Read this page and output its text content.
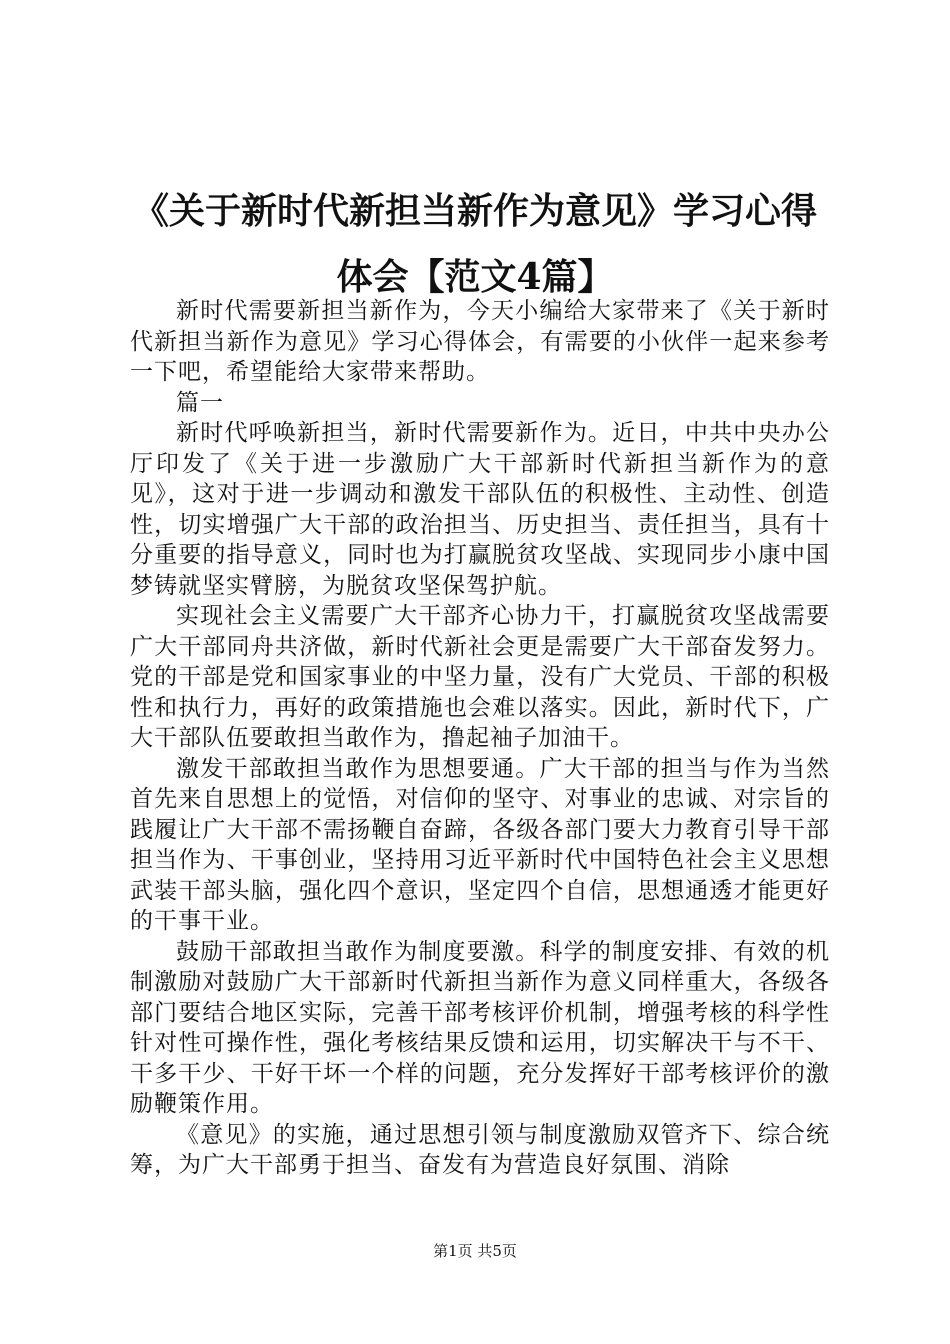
《关于新时代新担当新作为意见》学习心得体会【范文4篇】

新时代需要新担当新作为，今天小编给大家带来了《关于新时代新担当新作为意见》学习心得体会，有需要的小伙伴一起来参考一下吧，希望能给大家带来帮助。

篇一

新时代呼唤新担当，新时代需要新作为。近日，中共中央办公厅印发了《关于进一步激励广大干部新时代新担当新作为的意见》，这对于进一步调动和激发干部队伍的积极性、主动性、创造性，切实增强广大干部的政治担当、历史担当、责任担当，具有十分重要的指导意义，同时也为打赢脱贫攻坚战、实现同步小康中国梦铸就坚实臂膀，为脱贫攻坚保驾护航。

实现社会主义需要广大干部齐心协力干，打赢脱贫攻坚战需要广大干部同舟共济做，新时代新社会更是需要广大干部奋发努力。党的干部是党和国家事业的中坚力量，没有广大党员、干部的积极性和执行力，再好的政策措施也会难以落实。因此，新时代下，广大干部队伍要敢担当敢作为，撸起袖子加油干。

激发干部敢担当敢作为思想要通。广大干部的担当与作为当然首先来自思想上的觉悟，对信仰的坚守、对事业的忠诚、对宗旨的践履让广大干部不需扬鞭自奋蹄，各级各部门要大力教育引导干部担当作为、干事创业，坚持用习近平新时代中国特色社会主义思想武装干部头脑，强化四个意识，坚定四个自信，思想通透才能更好的干事干业。

鼓励干部敢担当敢作为制度要激。科学的制度安排、有效的机制激励对鼓励广大干部新时代新担当新作为意义同样重大，各级各部门要结合地区实际，完善干部考核评价机制，增强考核的科学性针对性可操作性，强化考核结果反馈和运用，切实解决干与不干、干多干少、干好干坏一个样的问题，充分发挥好干部考核评价的激励鞭策作用。

《意见》的实施，通过思想引领与制度激励双管齐下、综合统筹，为广大干部勇于担当、奋发有为营造良好氛围、消除

第1页 共5页
